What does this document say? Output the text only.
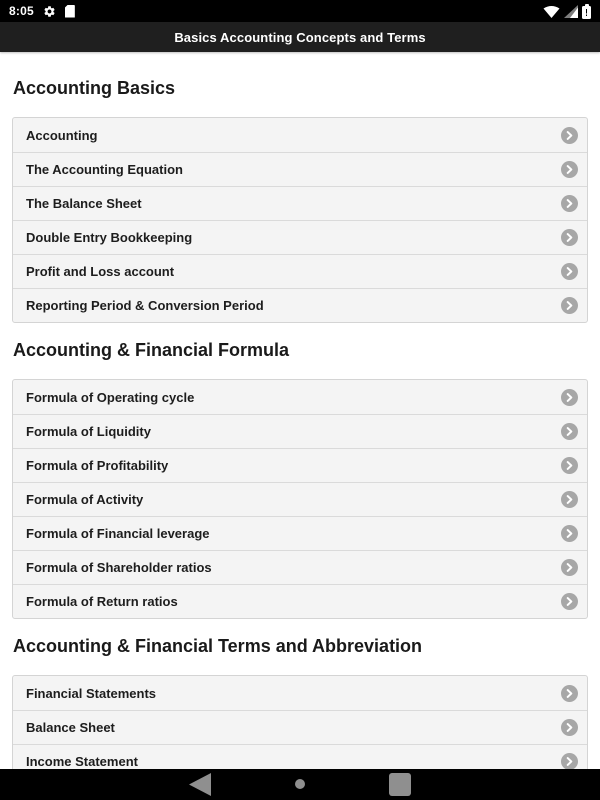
8:05
Basics Accounting Concepts and Terms
Accounting Basics
Accounting
The Accounting Equation
The Balance Sheet
Double Entry Bookkeeping
Profit and Loss account
Reporting Period & Conversion Period
Accounting & Financial Formula
Formula of Operating cycle
Formula of Liquidity
Formula of Profitability
Formula of Activity
Formula of Financial leverage
Formula of Shareholder ratios
Formula of Return ratios
Accounting & Financial Terms and Abbreviation
Financial Statements
Balance Sheet
Income Statement
